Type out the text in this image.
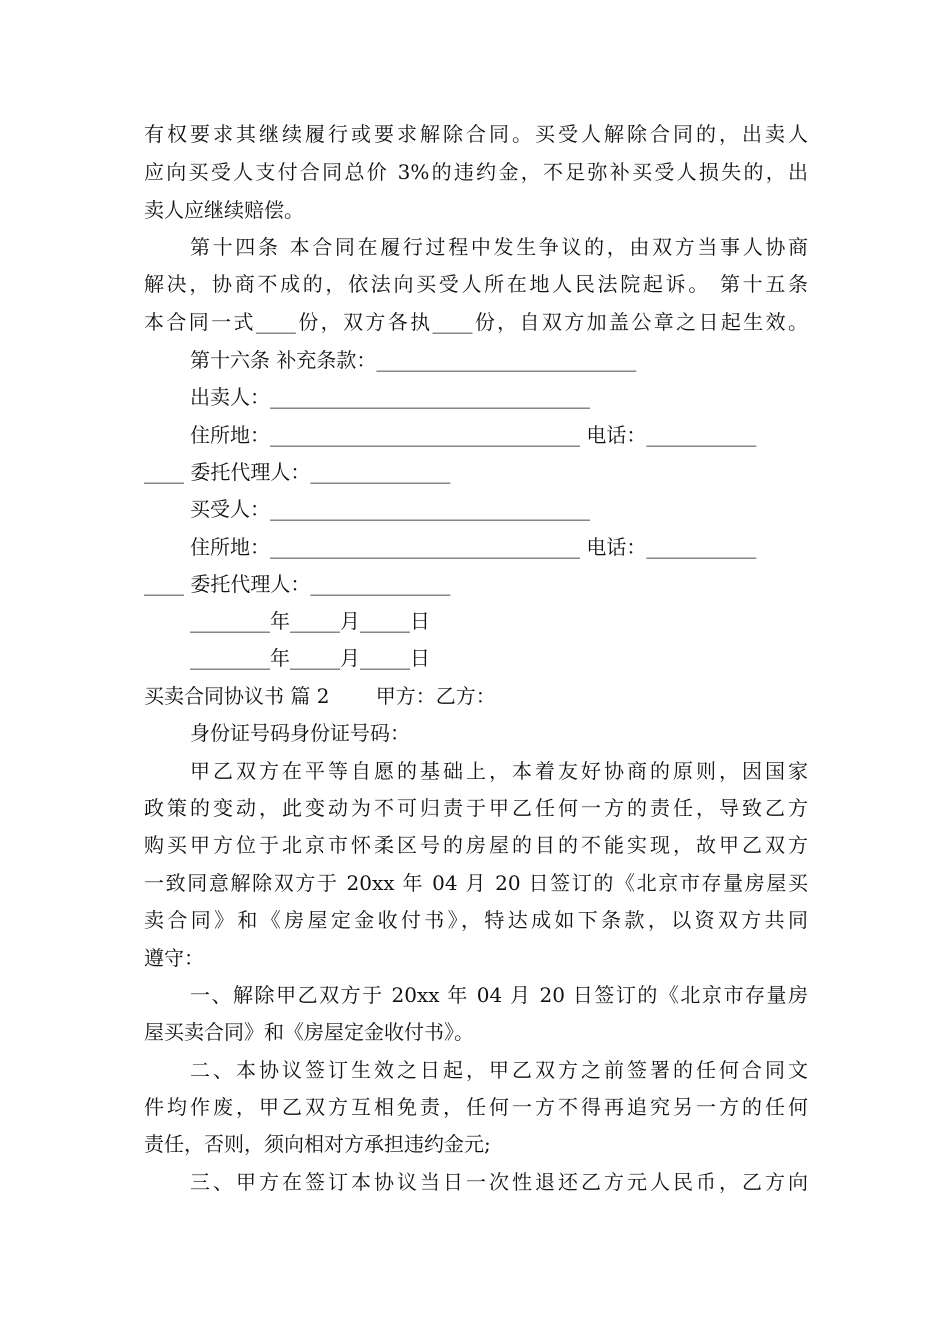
有权要求其继续履行或要求解除合同。买受人解除合同的，出卖人
应向买受人支付合同总价 3%的违约金，不足弥补买受人损失的，出
卖人应继续赔偿。
第十四条 本合同在履行过程中发生争议的，由双方当事人协商
解决，协商不成的，依法向买受人所在地人民法院起诉。 第十五条
本合同一式____份，双方各执____份，自双方加盖公章之日起生效。
第十六条 补充条款：__________________________
出卖人：________________________________
住所地：_______________________________ 电话：___________
____ 委托代理人：______________
买受人：________________________________
住所地：_______________________________ 电话：___________
____ 委托代理人：______________
________年_____月_____日
________年_____月_____日
买卖合同协议书 篇 2　　 甲方：乙方：
身份证号码身份证号码：
甲乙双方在平等自愿的基础上，本着友好协商的原则，因国家
政策的变动，此变动为不可归责于甲乙任何一方的责任，导致乙方
购买甲方位于北京市怀柔区号的房屋的目的不能实现，故甲乙双方
一致同意解除双方于 20xx 年 04 月 20 日签订的《北京市存量房屋买
卖合同》和《房屋定金收付书》，特达成如下条款，以资双方共同
遵守：
一、解除甲乙双方于 20xx 年 04 月 20 日签订的《北京市存量房
屋买卖合同》和《房屋定金收付书》。
二、本协议签订生效之日起，甲乙双方之前签署的任何合同文
件均作废，甲乙双方互相免责，任何一方不得再追究另一方的任何
责任，否则，须向相对方承担违约金元;
三、甲方在签订本协议当日一次性退还乙方元人民币，乙方向
